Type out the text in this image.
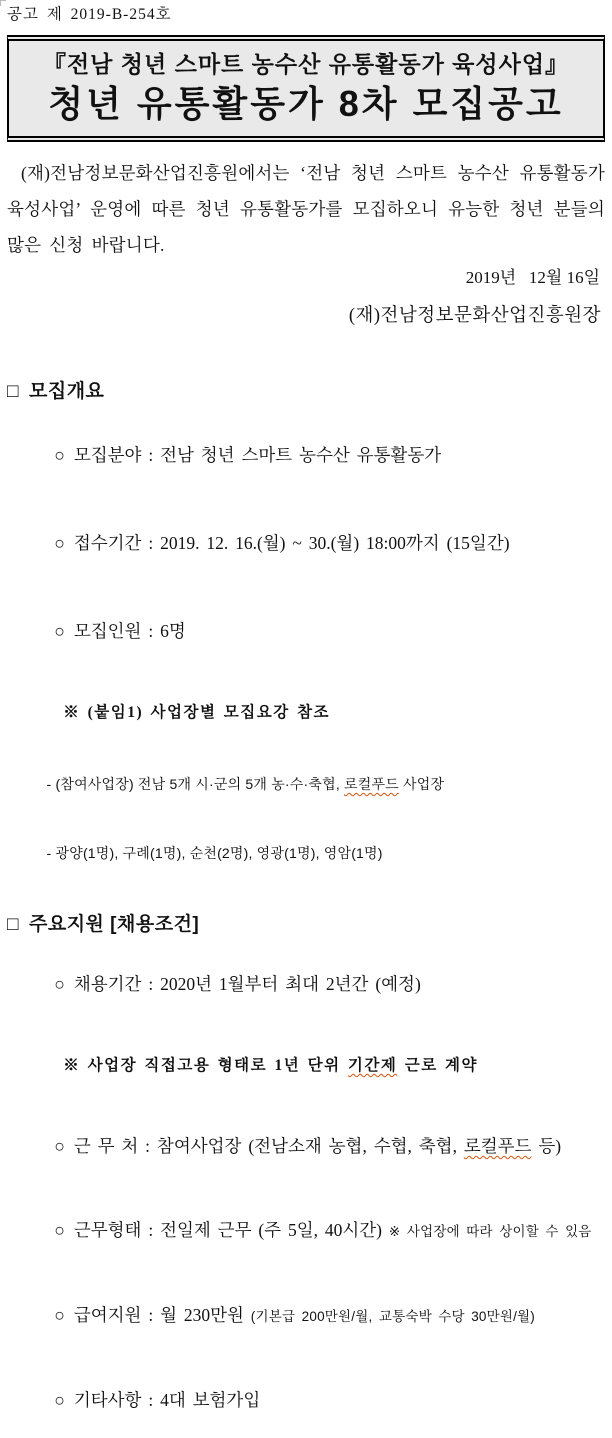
공고 제 2019-B-254호
『전남 청년 스마트 농수산 유통활동가 육성사업』
청년 유통활동가 8차 모집공고
(재)전남정보문화산업진흥원에서는 ‘전남 청년 스마트 농수산 유통활동가 육성사업’ 운영에 따른 청년 유통활동가를 모집하오니 유능한 청년 분들의 많은 신청 바랍니다.
2019년   12월 16일
(재)전남정보문화산업진흥원장
□ 모집개요

○ 모집분야 : 전남 청년 스마트 농수산 유통활동가

○ 접수기간 : 2019. 12. 16.(월) ~ 30.(월) 18:00까지 (15일간)

○ 모집인원 : 6명

※ (붙임1) 사업장별 모집요강 참조

- (참여사업장) 전남 5개 시·군의 5개 농·수·축협, 로컬푸드 사업장

- 광양(1명), 구례(1명), 순천(2명), 영광(1명), 영암(1명)

□ 주요지원 [채용조건]

○ 채용기간 : 2020년 1월부터 최대 2년간 (예정)

※ 사업장 직접고용 형태로 1년 단위 기간제 근로 계약

○ 근 무 처 : 참여사업장 (전남소재 농협, 수협, 축협, 로컬푸드 등)

○ 근무형태 : 전일제 근무 (주 5일, 40시간) ※ 사업장에 따라 상이할 수 있음

○ 급여지원 : 월 230만원 (기본급 200만원/월, 교통숙박 수당 30만원/월)

○ 기타사항 : 4대 보험가입
